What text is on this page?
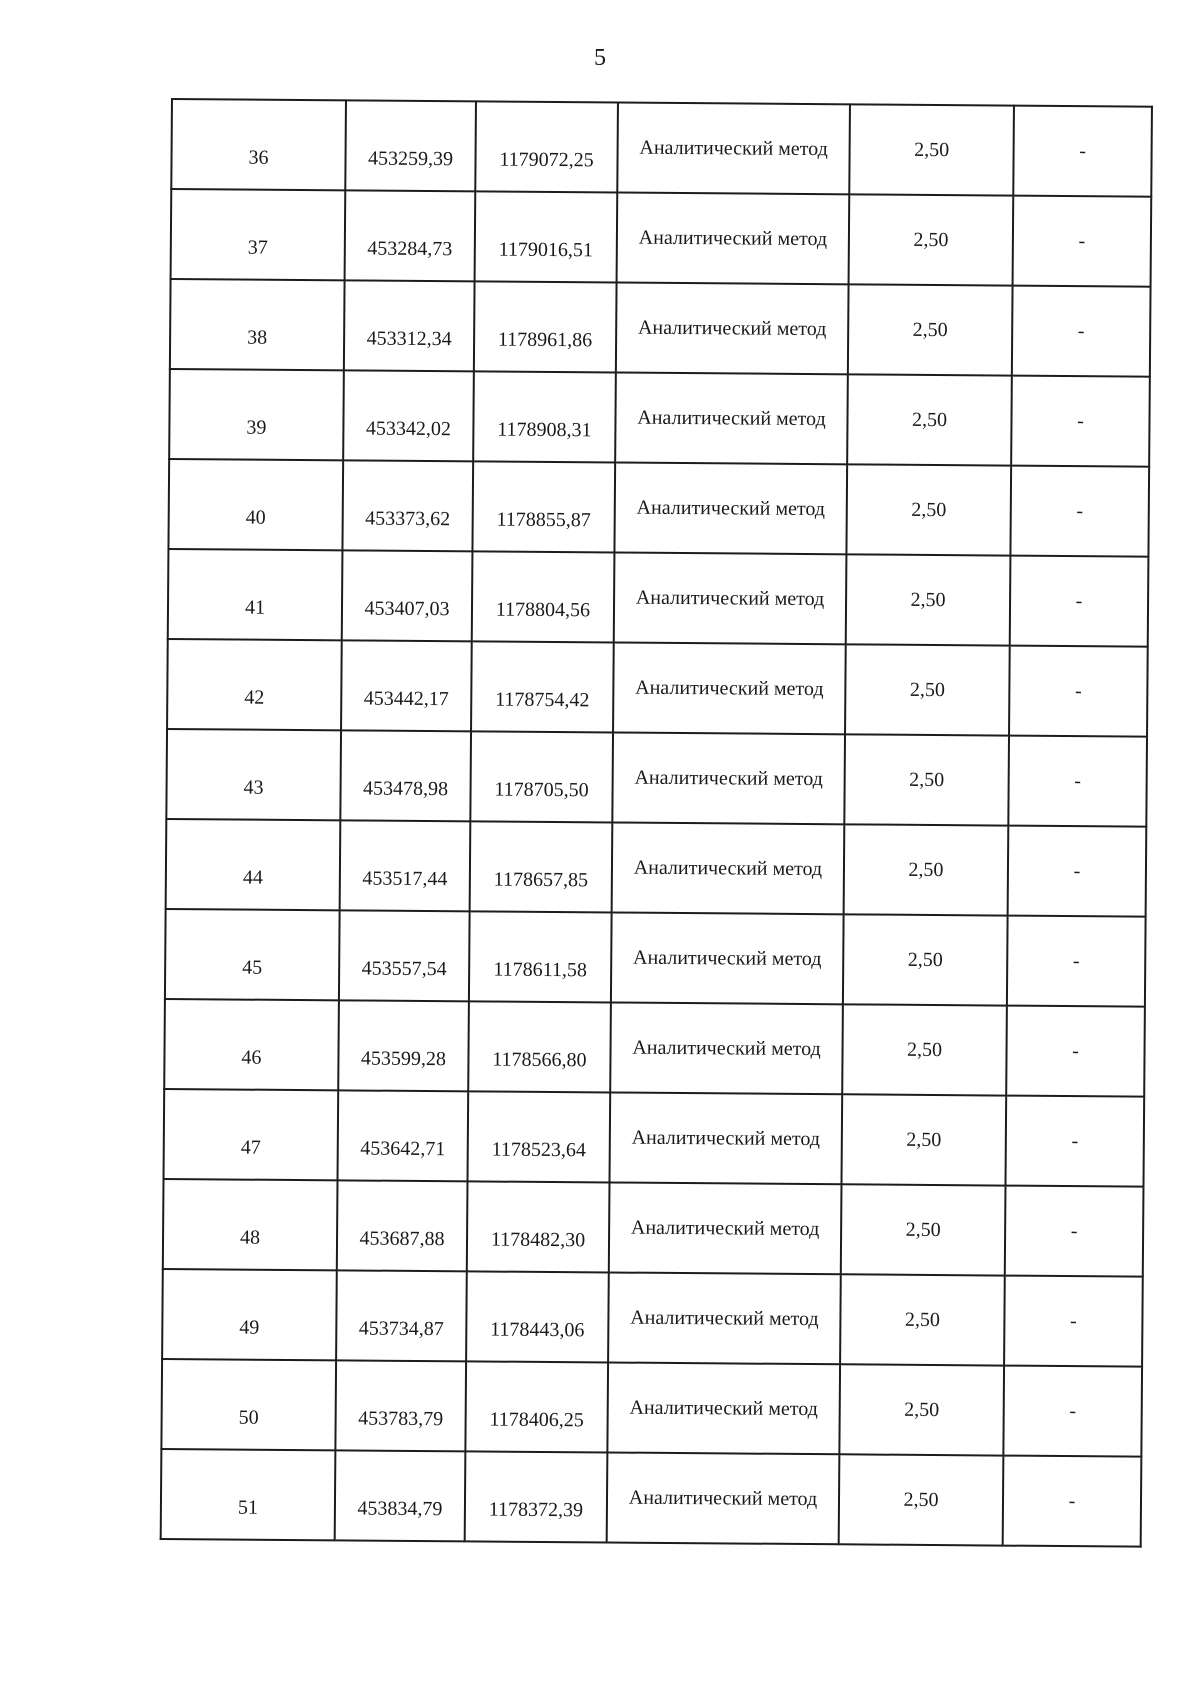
5
36	453259,39	1179072,25	Аналитический метод	2,50	-
37	453284,73	1179016,51	Аналитический метод	2,50	-
38	453312,34	1178961,86	Аналитический метод	2,50	-
39	453342,02	1178908,31	Аналитический метод	2,50	-
40	453373,62	1178855,87	Аналитический метод	2,50	-
41	453407,03	1178804,56	Аналитический метод	2,50	-
42	453442,17	1178754,42	Аналитический метод	2,50	-
43	453478,98	1178705,50	Аналитический метод	2,50	-
44	453517,44	1178657,85	Аналитический метод	2,50	-
45	453557,54	1178611,58	Аналитический метод	2,50	-
46	453599,28	1178566,80	Аналитический метод	2,50	-
47	453642,71	1178523,64	Аналитический метод	2,50	-
48	453687,88	1178482,30	Аналитический метод	2,50	-
49	453734,87	1178443,06	Аналитический метод	2,50	-
50	453783,79	1178406,25	Аналитический метод	2,50	-
51	453834,79	1178372,39	Аналитический метод	2,50	-
